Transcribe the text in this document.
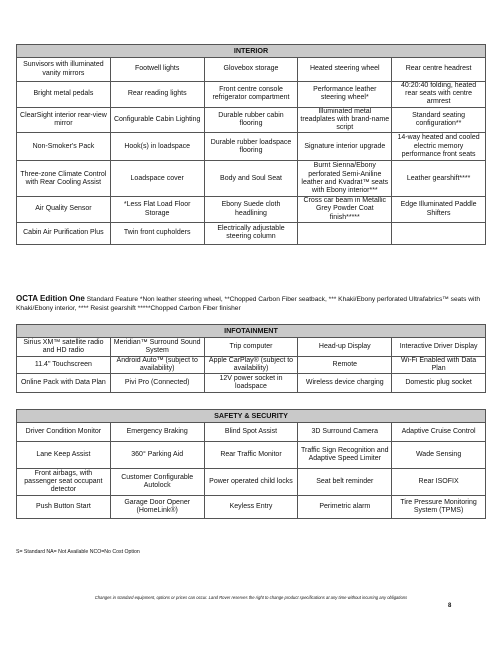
INTERIOR				
Sunvisors with illuminated vanity mirrors	Footwell lights	Glovebox storage	Heated steering wheel	Rear centre headrest
Bright metal pedals	Rear reading lights	Front centre console refrigerator compartment	Performance leather steering wheel*	40:20:40 folding, heated rear seats with centre armrest
ClearSight interior rear-view mirror	Configurable Cabin Lighting	Durable rubber cabin flooring	Illuminated metal treadplates with brand-name script	Standard seating configuration**
Non-Smoker's Pack	Hook(s) in loadspace	Durable rubber loadspace flooring	Signature interior upgrade	14-way heated and cooled electric memory performance front seats
Three-zone Climate Control with Rear Cooling Assist	Loadspace cover	Body and Soul Seat	Burnt Sienna/Ebony perforated Semi-Aniline leather and Kvadrat™ seats with Ebony interior***	Leather gearshift****
Air Quality Sensor	*Less Flat Load Floor Storage	Ebony Suede cloth headlining	Cross car beam in Metallic Grey Powder Coat finish*****	Edge Illuminated Paddle Shifters
Cabin Air Purification Plus	Twin front cupholders	Electrically adjustable steering column		
OCTA Edition One Standard Feature *Non leather steering wheel, **Chopped Carbon Fiber seatback, *** Khaki/Ebony perforated Ultrafabrics™ seats with Khaki/Ebony interior, **** Resist gearshift *****Chopped Carbon Fiber finisher
INFOTAINMENT				
Sirius XM™ satellite radio and HD radio	Meridian™ Surround Sound System	Trip computer	Head-up Display	Interactive Driver Display
11.4" Touchscreen	Android Auto™ (subject to availability)	Apple CarPlay® (subject to availability)	Remote	Wi-Fi Enabled with Data Plan
Online Pack with Data Plan	Pivi Pro (Connected)	12V power socket in loadspace	Wireless device charging	Domestic plug socket
SAFETY & SECURITY				
Driver Condition Monitor	Emergency Braking	Blind Spot Assist	3D Surround Camera	Adaptive Cruise Control
Lane Keep Assist	360° Parking Aid	Rear Traffic Monitor	Traffic Sign Recognition and Adaptive Speed Limiter	Wade Sensing
Front airbags, with passenger seat occupant detector	Customer Configurable Autolock	Power operated child locks	Seat belt reminder	Rear ISOFIX
Push Button Start	Garage Door Opener (HomeLink®)	Keyless Entry	Perimetric alarm	Tire Pressure Monitoring System (TPMS)
S= Standard NA= Not Available NCO=No Cost Option
Changes in standard equipment, options or prices can occur. Land Rover reserves the right to change product specifications at any time without incurring any obligations
8
